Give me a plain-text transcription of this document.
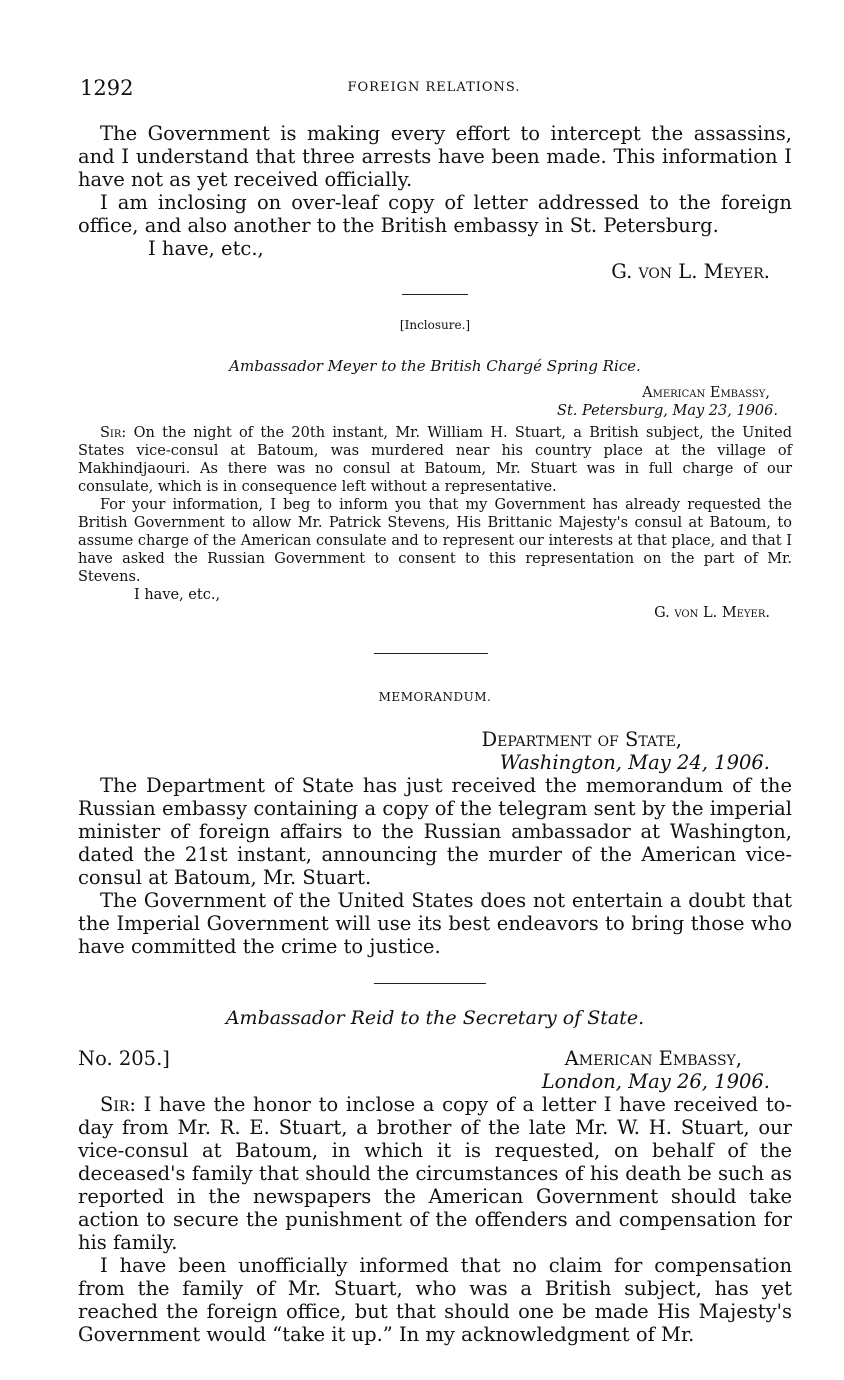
1292	FOREIGN RELATIONS.

The Government is making every effort to intercept the assassins, and I understand that three arrests have been made. This information I have not as yet received officially.

I am inclosing on over-leaf copy of letter addressed to the foreign office, and also another to the British embassy in St. Petersburg.

I have, etc.,

G. von L. Meyer.

[Inclosure.]

Ambassador Meyer to the British Chargé Spring Rice.

American Embassy,

St. Petersburg, May 23, 1906.

Sir: On the night of the 20th instant, Mr. William H. Stuart, a British subject, the United States vice-consul at Batoum, was murdered near his country place at the village of Makhindjaouri. As there was no consul at Batoum, Mr. Stuart was in full charge of our consulate, which is in consequence left without a representative.

For your information, I beg to inform you that my Government has already requested the British Government to allow Mr. Patrick Stevens, His Brittanic Majesty's consul at Batoum, to assume charge of the American consulate and to represent our interests at that place, and that I have asked the Russian Government to consent to this representation on the part of Mr. Stevens.

I have, etc.,

G. von L. Meyer.

MEMORANDUM.

Department of State,

Washington, May 24, 1906.

The Department of State has just received the memorandum of the Russian embassy containing a copy of the telegram sent by the imperial minister of foreign affairs to the Russian ambassador at Washington, dated the 21st instant, announcing the murder of the American vice-consul at Batoum, Mr. Stuart.

The Government of the United States does not entertain a doubt that the Imperial Government will use its best endeavors to bring those who have committed the crime to justice.

Ambassador Reid to the Secretary of State.

No. 205.]	American Embassy,

London, May 26, 1906.

Sir: I have the honor to inclose a copy of a letter I have received to-day from Mr. R. E. Stuart, a brother of the late Mr. W. H. Stuart, our vice-consul at Batoum, in which it is requested, on behalf of the deceased's family that should the circumstances of his death be such as reported in the newspapers the American Government should take action to secure the punishment of the offenders and compensation for his family.

I have been unofficially informed that no claim for compensation from the family of Mr. Stuart, who was a British subject, has yet reached the foreign office, but that should one be made His Majesty's Government would “take it up.” In my acknowledgment of Mr.
